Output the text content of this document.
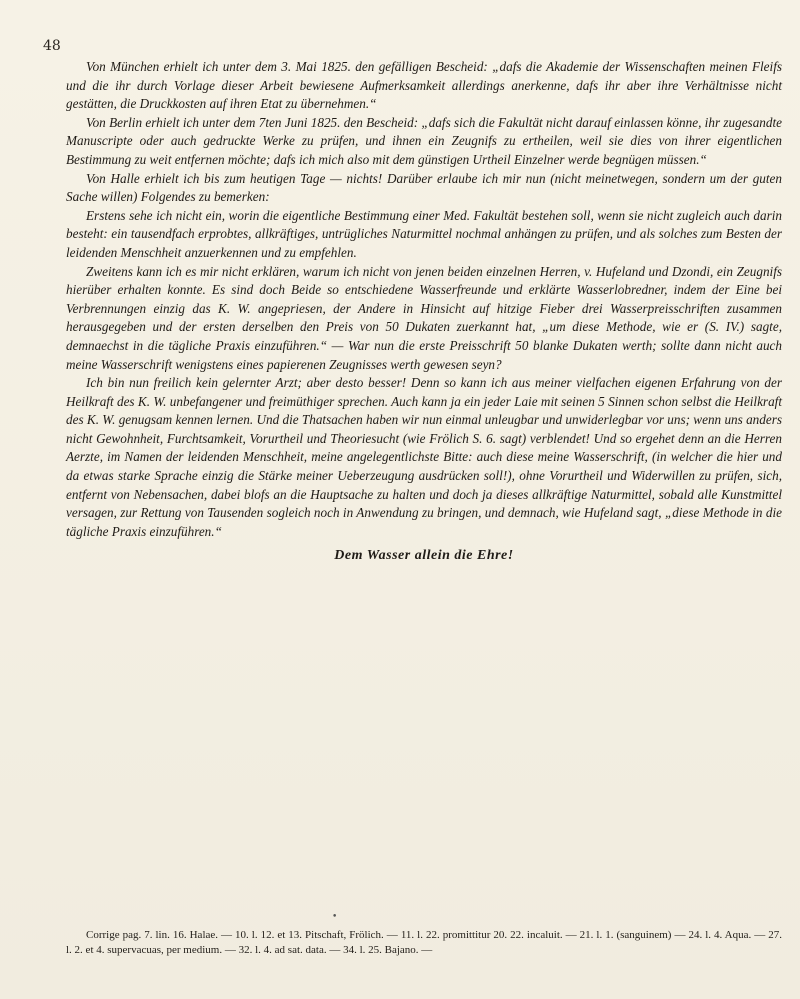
48

Von München erhielt ich unter dem 3. Mai 1825. den gefälligen Bescheid: „dafs die Akademie der Wissenschaften meinen Fleifs und die ihr durch Vorlage dieser Arbeit bewiesene Aufmerksamkeit allerdings anerkenne, dafs ihr aber ihre Verhältnisse nicht gestätten, die Druckkosten auf ihren Etat zu übernehmen.“

Von Berlin erhielt ich unter dem 7ten Juni 1825. den Bescheid: „dafs sich die Fakultät nicht darauf einlassen könne, ihr zugesandte Manuscripte oder auch gedruckte Werke zu prüfen, und ihnen ein Zeugnifs zu ertheilen, weil sie dies von ihrer eigentlichen Bestimmung zu weit entfernen möchte; dafs ich mich also mit dem günstigen Urtheil Einzelner werde begnügen müssen.“

Von Halle erhielt ich bis zum heutigen Tage — nichts! Darüber erlaube ich mir nun (nicht meinetwegen, sondern um der guten Sache willen) Folgendes zu bemerken:

Erstens sehe ich nicht ein, worin die eigentliche Bestimmung einer Med. Fakultät bestehen soll, wenn sie nicht zugleich auch darin besteht: ein tausendfach erprobtes, allkräftiges, untrügliches Naturmittel nochmal anhängen zu prüfen, und als solches zum Besten der leidenden Menschheit anzuerkennen und zu empfehlen.

Zweitens kann ich es mir nicht erklären, warum ich nicht von jenen beiden einzelnen Herren, v. Hufeland und Dzondi, ein Zeugnifs hierüber erhalten konnte. Es sind doch Beide so entschiedene Wasserfreunde und erklärte Wasserlobredner, indem der Eine bei Verbrennungen einzig das K. W. angepriesen, der Andere in Hinsicht auf hitzige Fieber drei Wasserpreisschriften zusammen herausgegeben und der ersten derselben den Preis von 50 Dukaten zuerkannt hat, „um diese Methode, wie er (S. IV.) sagte, demnaechst in die tägliche Praxis einzuführen.“ — War nun die erste Preisschrift 50 blanke Dukaten werth; sollte dann nicht auch meine Wasserschrift wenigstens eines papierenen Zeugnisses werth gewesen seyn?

Ich bin nun freilich kein gelernter Arzt; aber desto besser! Denn so kann ich aus meiner vielfachen eigenen Erfahrung von der Heilkraft des K. W. unbefangener und freimüthiger sprechen. Auch kann ja ein jeder Laie mit seinen 5 Sinnen schon selbst die Heilkraft des K. W. genugsam kennen lernen. Und die Thatsachen haben wir nun einmal unleugbar und unwiderlegbar vor uns; wenn uns anders nicht Gewohnheit, Furchtsamkeit, Vorurtheil und Theoriesucht (wie Frölich S. 6. sagt) verblendet! Und so ergehet denn an die Herren Aerzte, im Namen der leidenden Menschheit, meine angelegentlichste Bitte: auch diese meine Wasserschrift, (in welcher die hier und da etwas starke Sprache einzig die Stärke meiner Ueberzeugung ausdrücken soll!), ohne Vorurtheil und Widerwillen zu prüfen, sich, entfernt von Nebensachen, dabei blofs an die Hauptsache zu halten und doch ja dieses allkräftige Naturmittel, sobald alle Kunstmittel versagen, zur Rettung von Tausenden sogleich noch in Anwendung zu bringen, und demnach, wie Hufeland sagt, „diese Methode in die tägliche Praxis einzuführen.“

Dem Wasser allein die Ehre!

•

Corrige pag. 7. lin. 16. Halae. — 10. l. 12. et 13. Pitschaft, Frölich. — 11. l. 22. promittitur 20. 22. incaluit. — 21. l. 1. (sanguinem) — 24. l. 4. Aqua. — 27. l. 2. et 4. supervacuas, per medium. — 32. l. 4. ad sat. data. — 34. l. 25. Bajano. —
